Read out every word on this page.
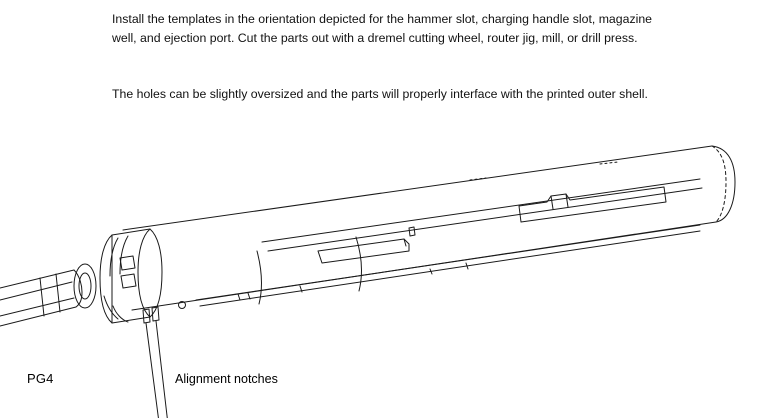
Install the templates in the orientation depicted for the hammer slot, charging handle slot, magazine well, and ejection port. Cut the parts out with a dremel cutting wheel, router jig, mill, or drill press.
The holes can be slightly oversized and the parts will properly interface with the printed outer shell.
PG4	Alignment notches
